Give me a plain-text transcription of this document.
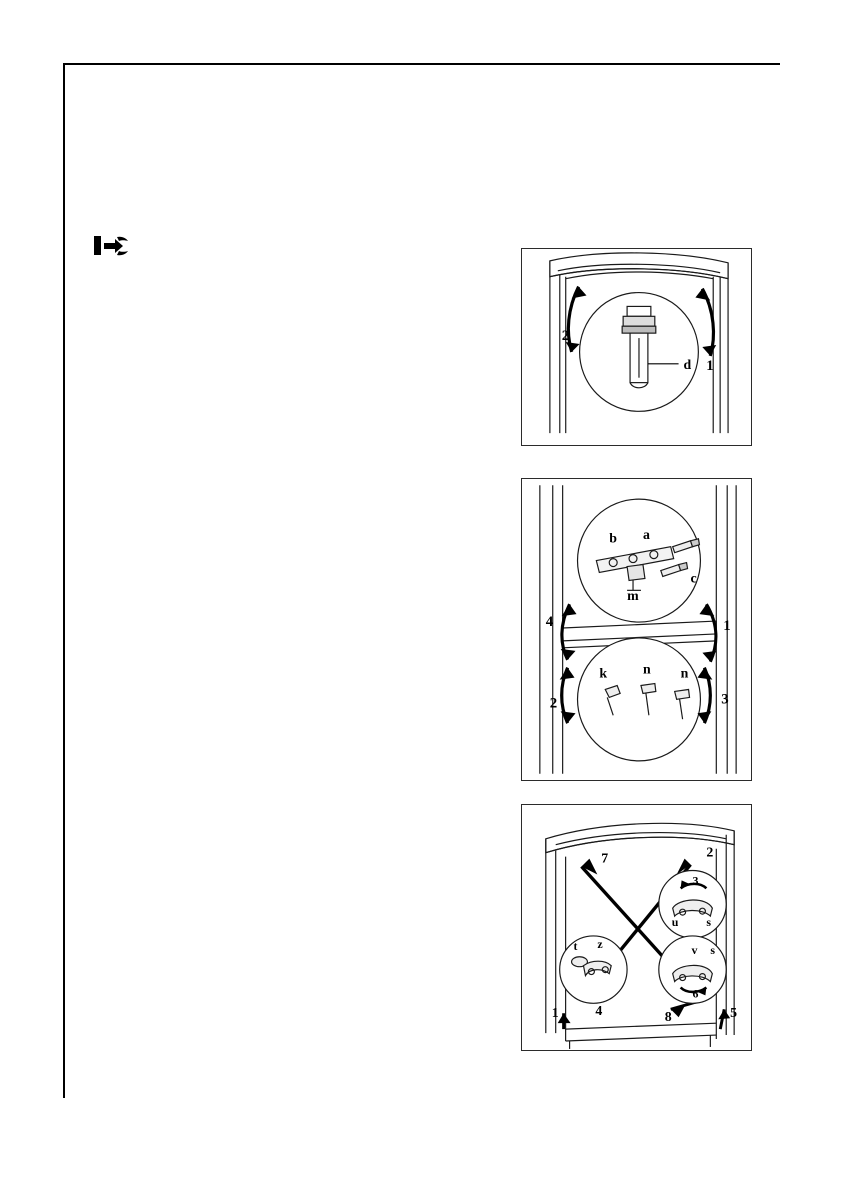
2
1
d
b a
c
m
k	n n
1
3
4
2
7	2
4	8	5
1
3
u s
v s
6
t z
